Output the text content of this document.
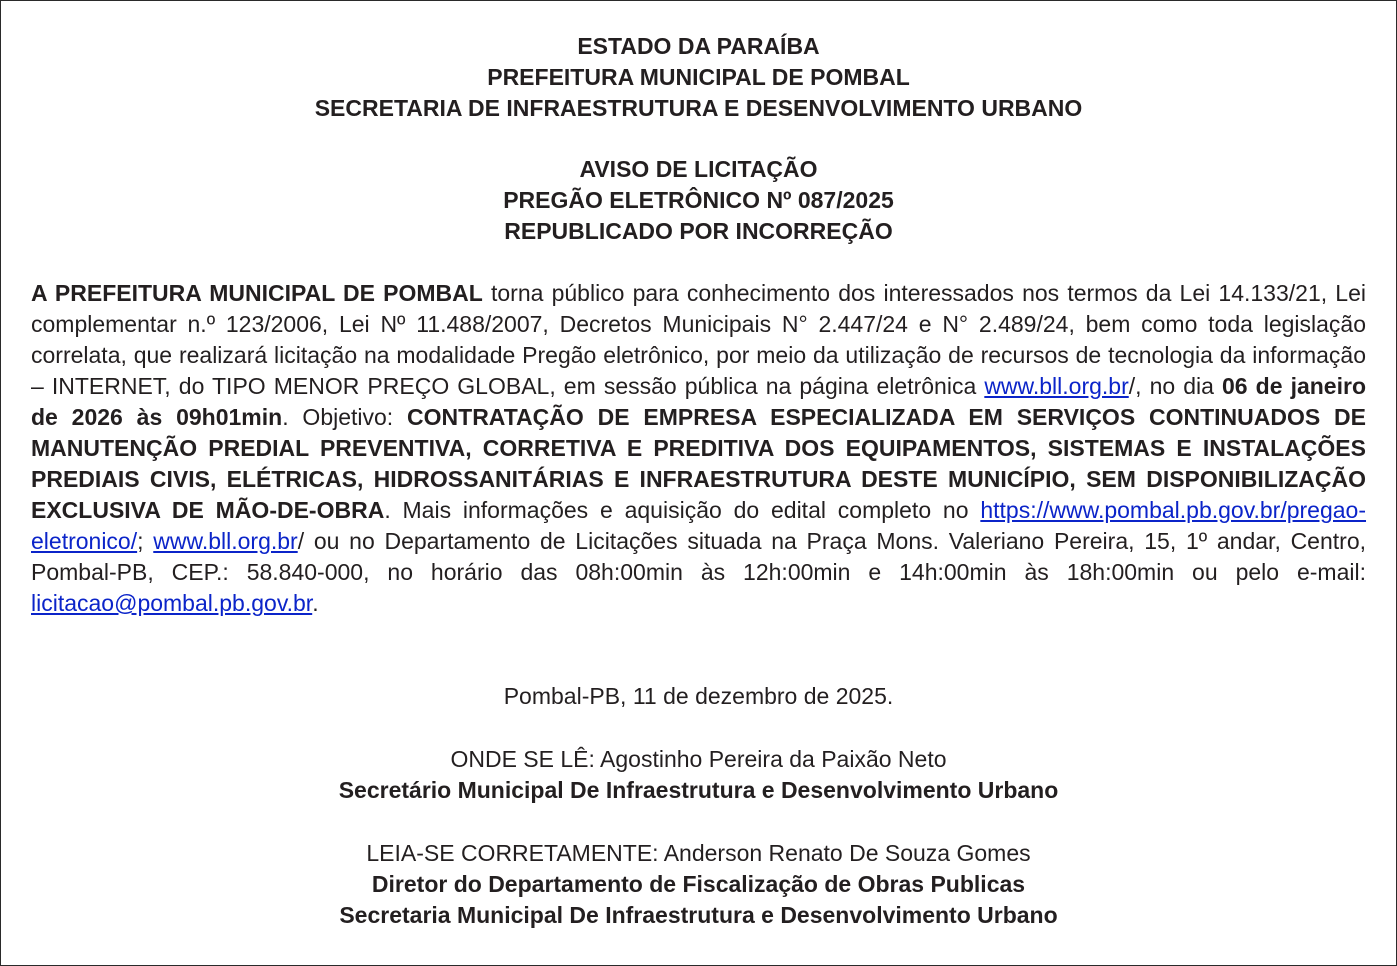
ESTADO DA PARAÍBA
PREFEITURA MUNICIPAL DE POMBAL
SECRETARIA DE INFRAESTRUTURA E DESENVOLVIMENTO URBANO
AVISO DE LICITAÇÃO
PREGÃO ELETRÔNICO Nº 087/2025
REPUBLICADO POR INCORREÇÃO
A PREFEITURA MUNICIPAL DE POMBAL torna público para conhecimento dos interessados nos termos da Lei 14.133/21, Lei complementar n.º 123/2006, Lei Nº 11.488/2007, Decretos Municipais N° 2.447/24 e N° 2.489/24, bem como toda legislação correlata, que realizará licitação na modalidade Pregão eletrônico, por meio da utilização de recursos de tecnologia da informação – INTERNET, do TIPO MENOR PREÇO GLOBAL, em sessão pública na página eletrônica www.bll.org.br/, no dia 06 de janeiro de 2026 às 09h01min. Objetivo: CONTRATAÇÃO DE EMPRESA ESPECIALIZADA EM SERVIÇOS CONTINUADOS DE MANUTENÇÃO PREDIAL PREVENTIVA, CORRETIVA E PREDITIVA DOS EQUIPAMENTOS, SISTEMAS E INSTALAÇÕES PREDIAIS CIVIS, ELÉTRICAS, HIDROSSANITÁRIAS E INFRAESTRUTURA DESTE MUNICÍPIO, SEM DISPONIBILIZAÇÃO EXCLUSIVA DE MÃO-DE-OBRA. Mais informações e aquisição do edital completo no https://www.pombal.pb.gov.br/pregao-eletronico/; www.bll.org.br/ ou no Departamento de Licitações situada na Praça Mons. Valeriano Pereira, 15, 1º andar, Centro, Pombal-PB, CEP.: 58.840-000, no horário das 08h:00min às 12h:00min e 14h:00min às 18h:00min ou pelo e-mail: licitacao@pombal.pb.gov.br.
Pombal-PB, 11 de dezembro de 2025.
ONDE SE LÊ: Agostinho Pereira da Paixão Neto
Secretário Municipal De Infraestrutura e Desenvolvimento Urbano
LEIA-SE CORRETAMENTE: Anderson Renato De Souza Gomes
Diretor do Departamento de Fiscalização de Obras Publicas
Secretaria Municipal De Infraestrutura e Desenvolvimento Urbano
